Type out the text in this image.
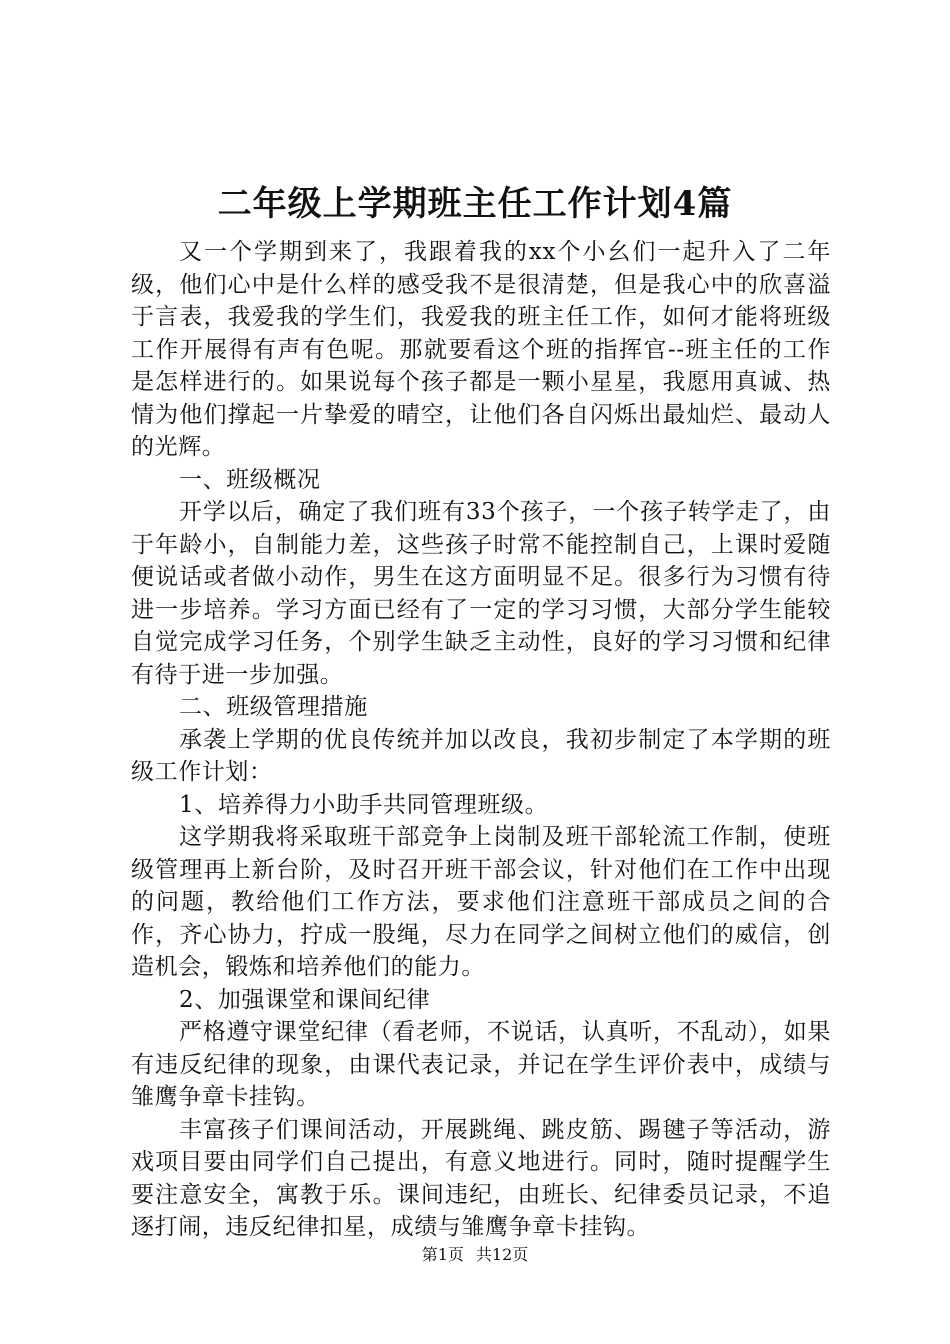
二年级上学期班主任工作计划4篇

又一个学期到来了，我跟着我的xx个小幺们一起升入了二年级，他们心中是什么样的感受我不是很清楚，但是我心中的欣喜溢于言表，我爱我的学生们，我爱我的班主任工作，如何才能将班级工作开展得有声有色呢。那就要看这个班的指挥官--班主任的工作是怎样进行的。如果说每个孩子都是一颗小星星，我愿用真诚、热情为他们撑起一片挚爱的晴空，让他们各自闪烁出最灿烂、最动人的光辉。

一、班级概况

开学以后，确定了我们班有33个孩子，一个孩子转学走了，由于年龄小，自制能力差，这些孩子时常不能控制自己，上课时爱随便说话或者做小动作，男生在这方面明显不足。很多行为习惯有待进一步培养。学习方面已经有了一定的学习习惯，大部分学生能较自觉完成学习任务，个别学生缺乏主动性，良好的学习习惯和纪律有待于进一步加强。

二、班级管理措施

承袭上学期的优良传统并加以改良，我初步制定了本学期的班级工作计划：

1、培养得力小助手共同管理班级。

这学期我将采取班干部竞争上岗制及班干部轮流工作制，使班级管理再上新台阶，及时召开班干部会议，针对他们在工作中出现的问题，教给他们工作方法，要求他们注意班干部成员之间的合作，齐心协力，拧成一股绳，尽力在同学之间树立他们的威信，创造机会，锻炼和培养他们的能力。

2、加强课堂和课间纪律

严格遵守课堂纪律（看老师，不说话，认真听，不乱动），如果有违反纪律的现象，由课代表记录，并记在学生评价表中，成绩与雏鹰争章卡挂钩。

丰富孩子们课间活动，开展跳绳、跳皮筋、踢毽子等活动，游戏项目要由同学们自己提出，有意义地进行。同时，随时提醒学生要注意安全，寓教于乐。课间违纪，由班长、纪律委员记录，不追逐打闹，违反纪律扣星，成绩与雏鹰争章卡挂钩。

第1页 共12页
